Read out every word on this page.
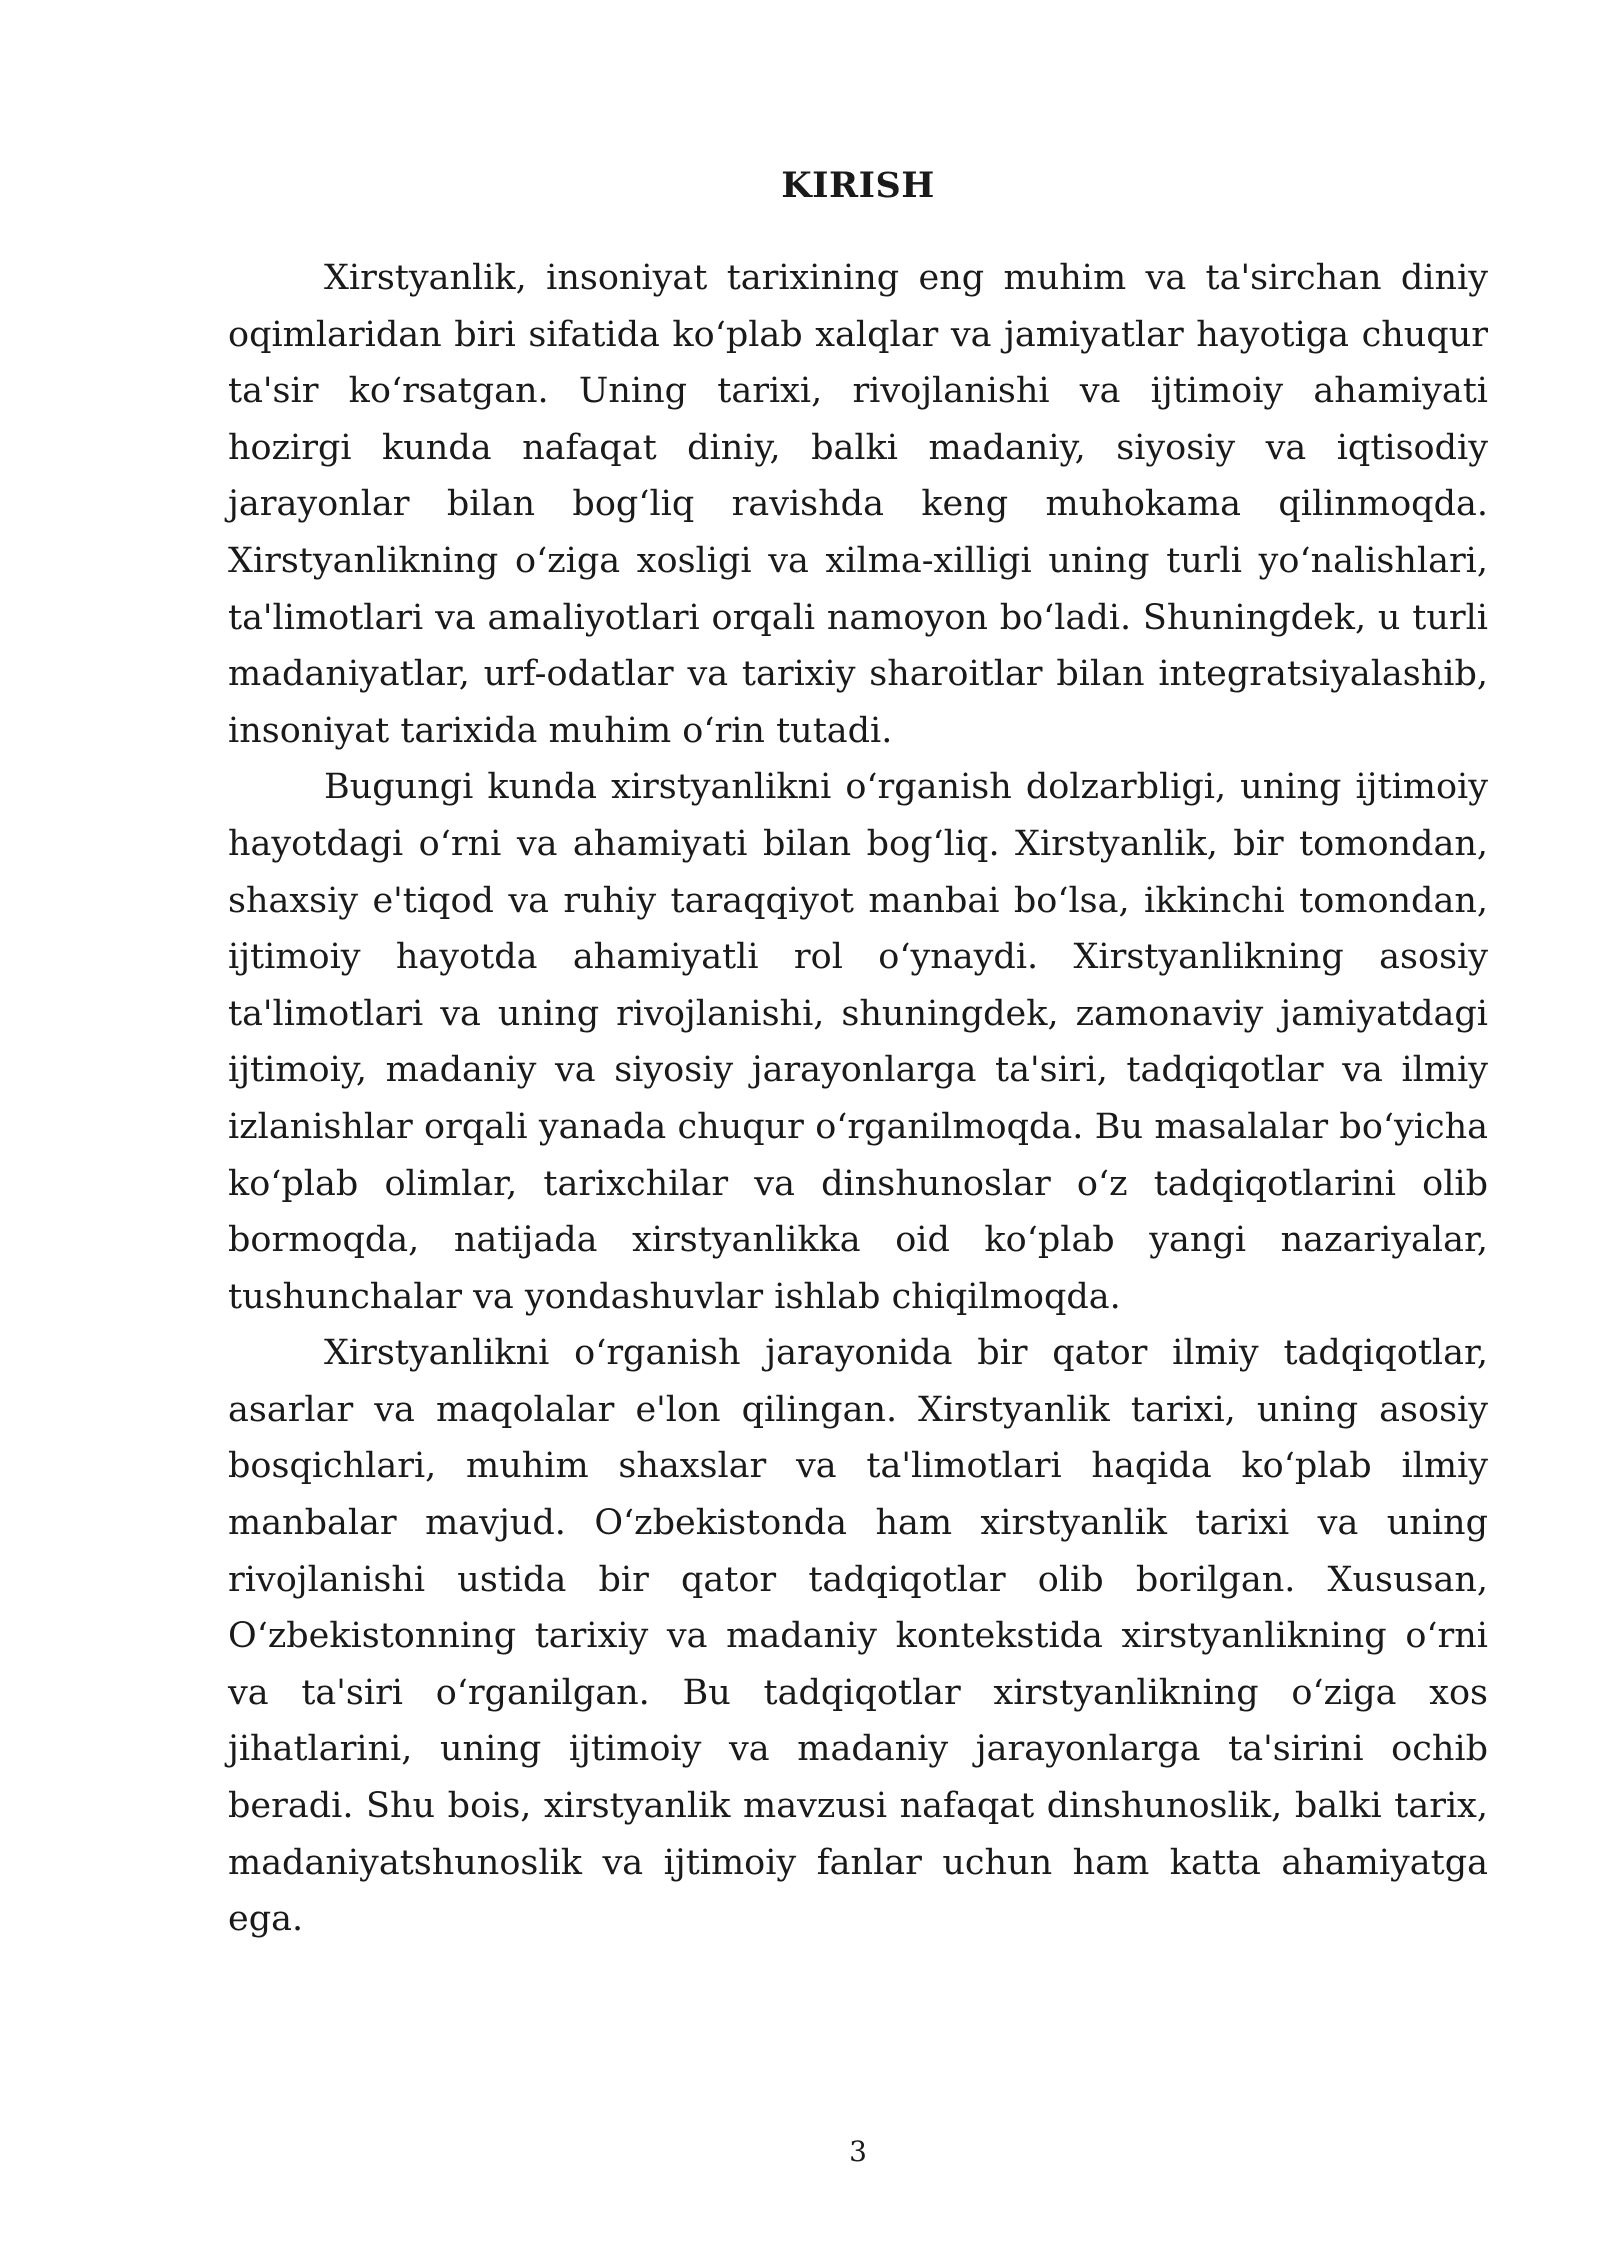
KIRISH

Xirstyanlik, insoniyat tarixining eng muhim va ta'sirchan diniy oqimlaridan biri sifatida koʻplab xalqlar va jamiyatlar hayotiga chuqur ta'sir koʻrsatgan. Uning tarixi, rivojlanishi va ijtimoiy ahamiyati hozirgi kunda nafaqat diniy, balki madaniy, siyosiy va iqtisodiy jarayonlar bilan bogʻliq ravishda keng muhokama qilinmoqda. Xirstyanlikning oʻziga xosligi va xilma-xilligi uning turli yoʻnalishlari, ta'limotlari va amaliyotlari orqali namoyon boʻladi. Shuningdek, u turli madaniyatlar, urf-odatlar va tarixiy sharoitlar bilan integratsiyalashib, insoniyat tarixida muhim oʻrin tutadi.

Bugungi kunda xirstyanlikni oʻrganish dolzarbligi, uning ijtimoiy hayotdagi oʻrni va ahamiyati bilan bogʻliq. Xirstyanlik, bir tomondan, shaxsiy e'tiqod va ruhiy taraqqiyot manbai boʻlsa, ikkinchi tomondan, ijtimoiy hayotda ahamiyatli rol oʻynaydi. Xirstyanlikning asosiy ta'limotlari va uning rivojlanishi, shuningdek, zamonaviy jamiyatdagi ijtimoiy, madaniy va siyosiy jarayonlarga ta'siri, tadqiqotlar va ilmiy izlanishlar orqali yanada chuqur oʻrganilmoqda. Bu masalalar boʻyicha koʻplab olimlar, tarixchilar va dinshunoslar oʻz tadqiqotlarini olib bormoqda, natijada xirstyanlikka oid koʻplab yangi nazariyalar, tushunchalar va yondashuvlar ishlab chiqilmoqda.

Xirstyanlikni oʻrganish jarayonida bir qator ilmiy tadqiqotlar, asarlar va maqolalar e'lon qilingan. Xirstyanlik tarixi, uning asosiy bosqichlari, muhim shaxslar va ta'limotlari haqida koʻplab ilmiy manbalar mavjud. Oʻzbekistonda ham xirstyanlik tarixi va uning rivojlanishi ustida bir qator tadqiqotlar olib borilgan. Xususan, Oʻzbekistonning tarixiy va madaniy kontekstida xirstyanlikning oʻrni va ta'siri oʻrganilgan. Bu tadqiqotlar xirstyanlikning oʻziga xos jihatlarini, uning ijtimoiy va madaniy jarayonlarga ta'sirini ochib beradi. Shu bois, xirstyanlik mavzusi nafaqat dinshunoslik, balki tarix, madaniyatshunoslik va ijtimoiy fanlar uchun ham katta ahamiyatga ega.

3
